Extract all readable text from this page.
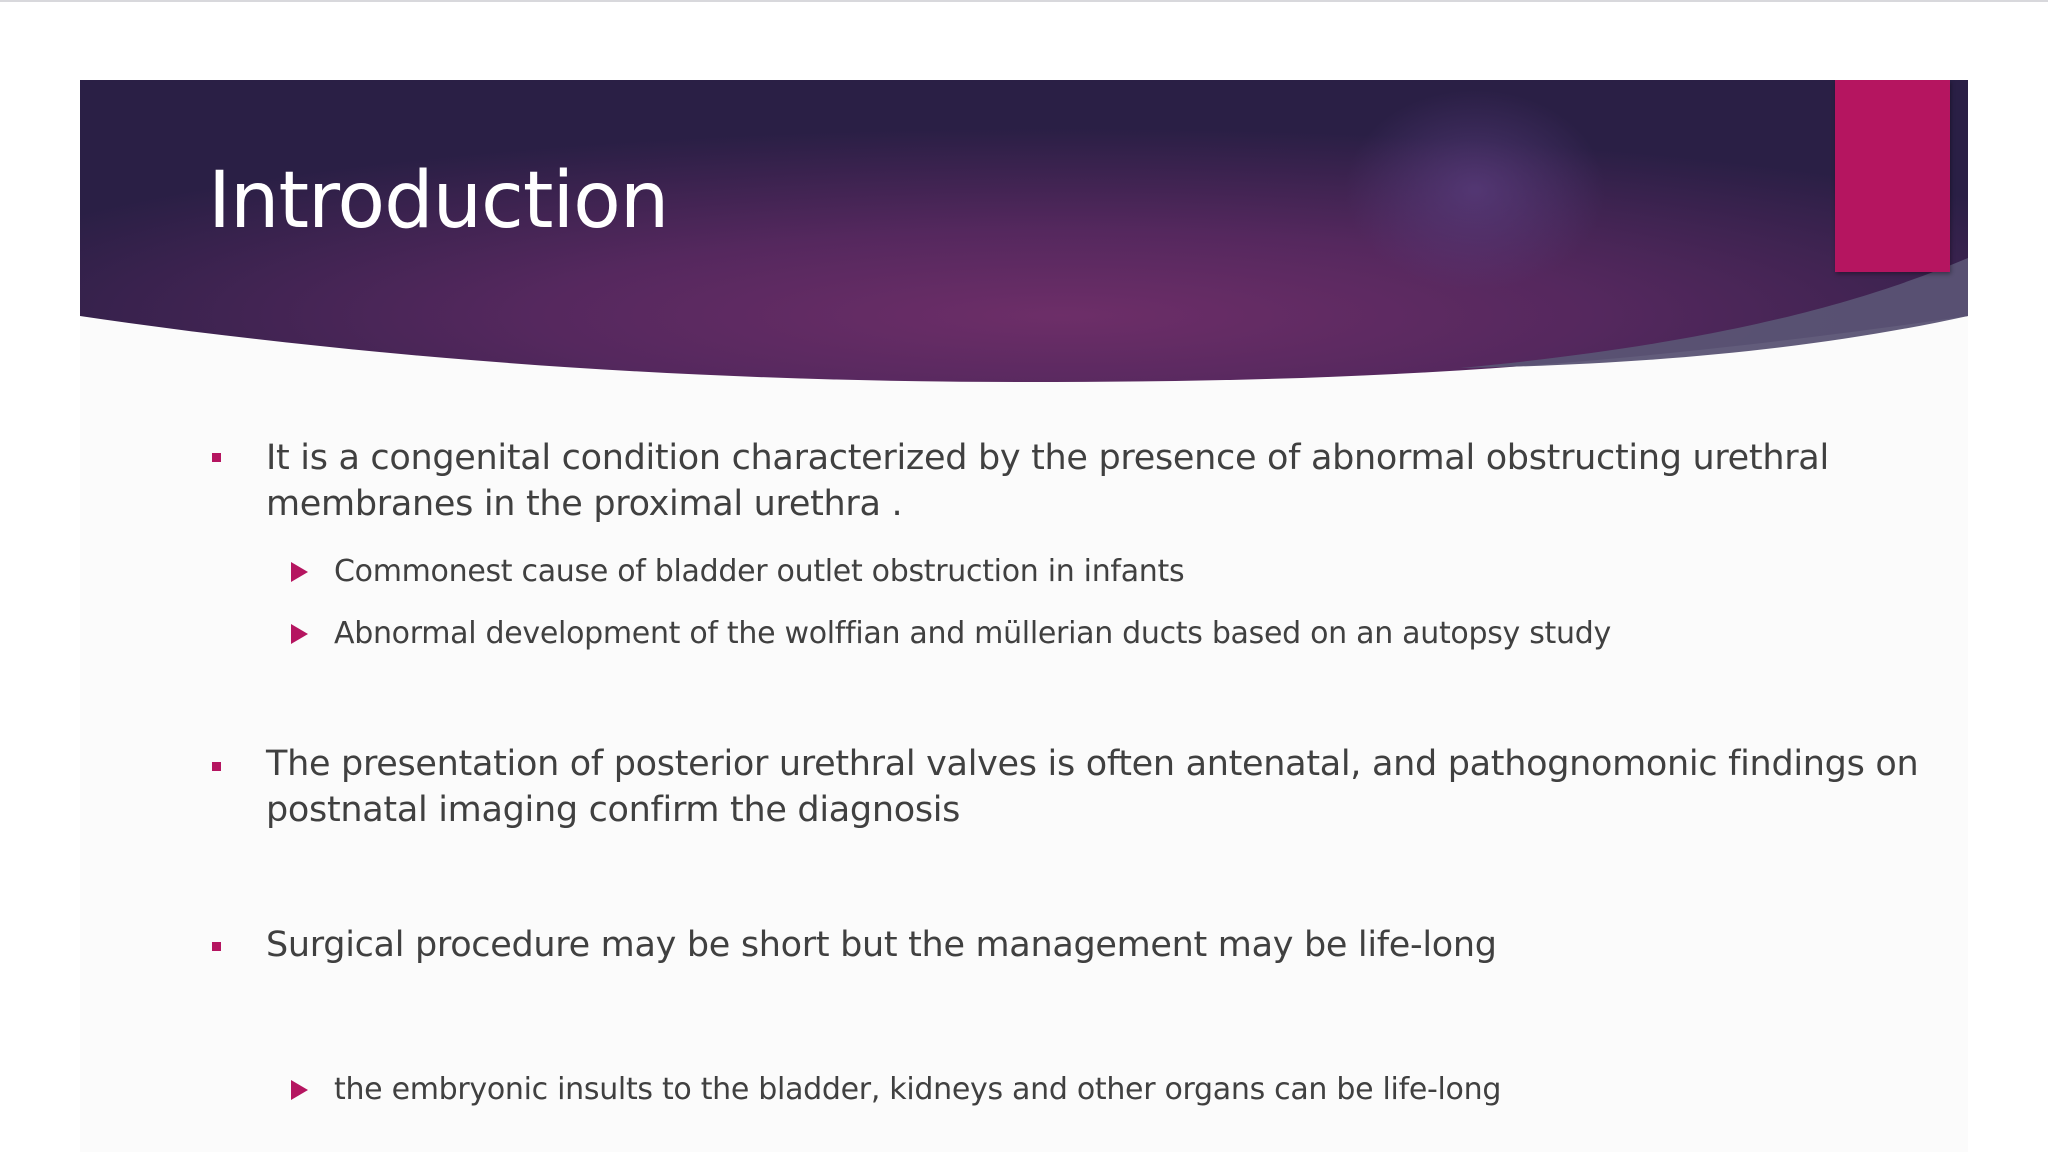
Introduction
It is a congenital condition characterized by the presence of abnormal obstructing urethral membranes in the proximal urethra .
Commonest cause of bladder outlet obstruction in infants
Abnormal development of the wolffian and müllerian ducts based on an autopsy study
The presentation of posterior urethral valves is often antenatal, and pathognomonic findings on postnatal imaging confirm the diagnosis
Surgical procedure may be short but the management may be life-long
the embryonic insults to the bladder, kidneys and other organs can be life-long
